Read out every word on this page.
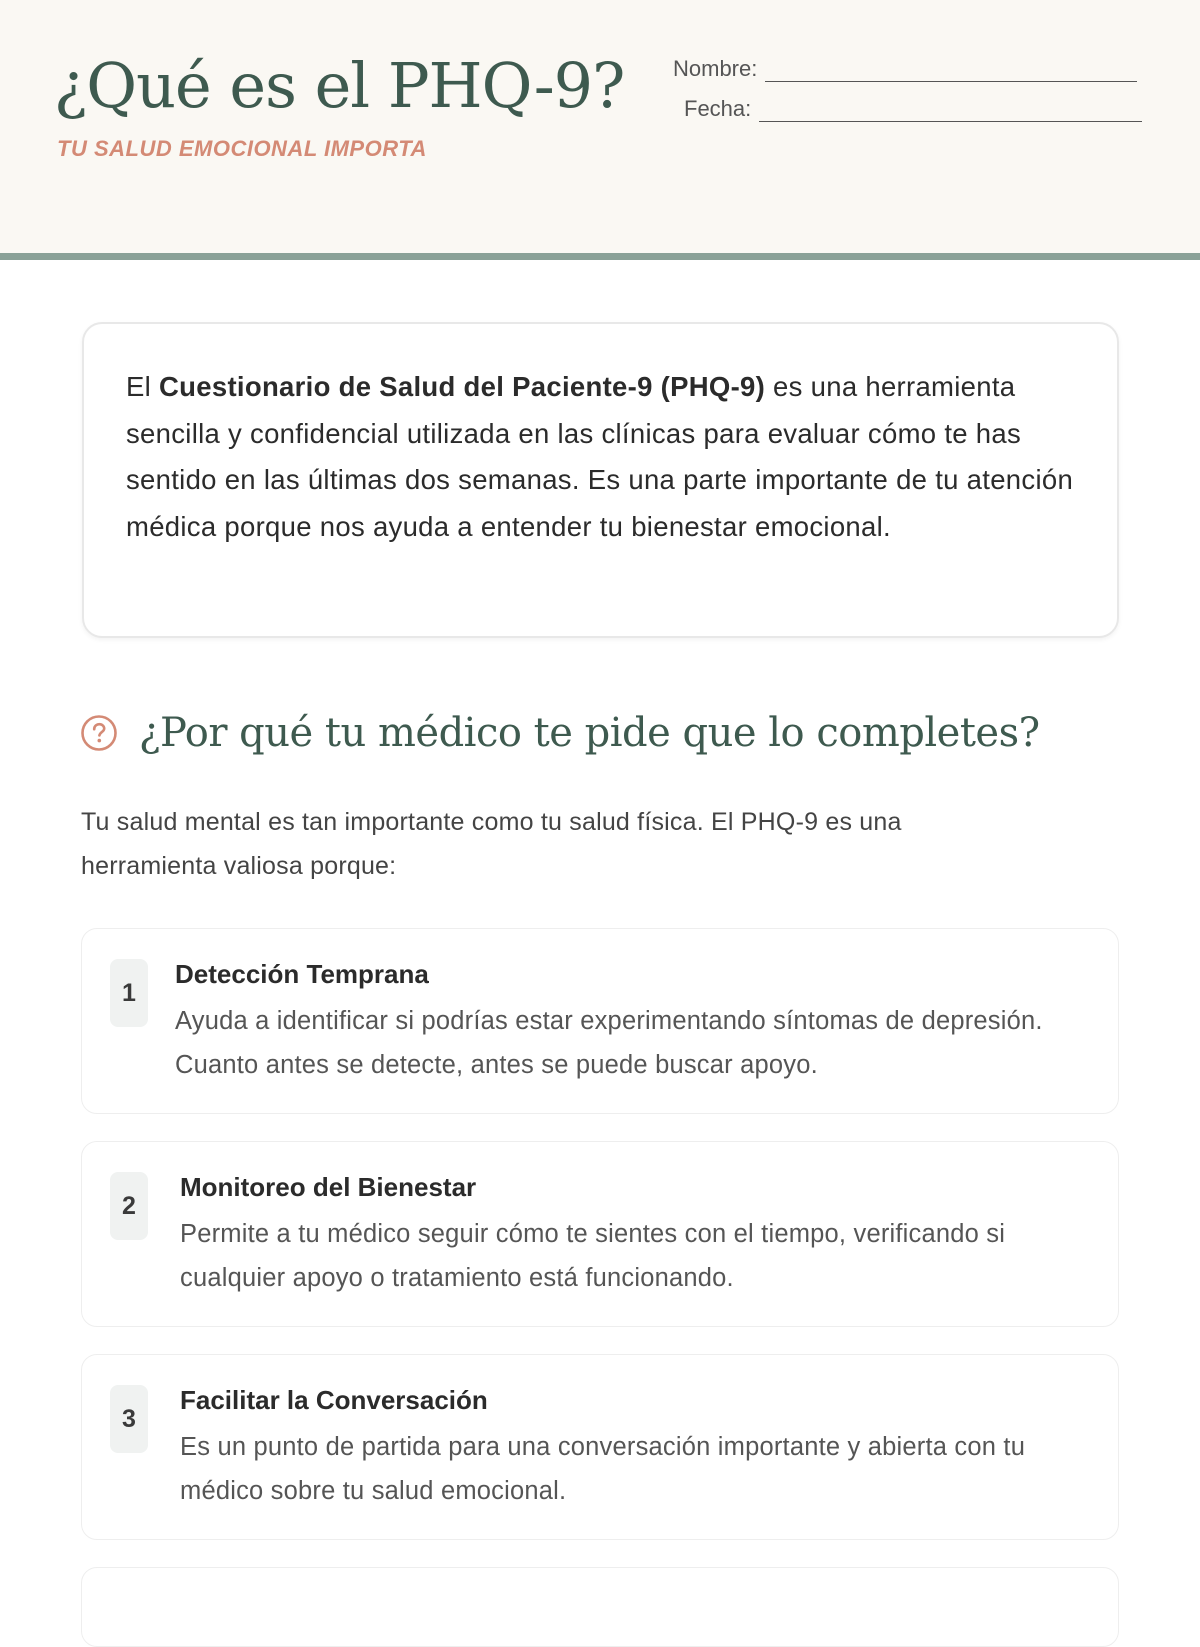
¿Qué es el PHQ-9?
TU SALUD EMOCIONAL IMPORTA
Nombre:
Fecha:
El Cuestionario de Salud del Paciente-9 (PHQ-9) es una herramienta sencilla y confidencial utilizada en las clínicas para evaluar cómo te has sentido en las últimas dos semanas. Es una parte importante de tu atención médica porque nos ayuda a entender tu bienestar emocional.
¿Por qué tu médico te pide que lo completes?

Tu salud mental es tan importante como tu salud física. El PHQ-9 es una herramienta valiosa porque:

1
Detección Temprana
Ayuda a identificar si podrías estar experimentando síntomas de depresión. Cuanto antes se detecte, antes se puede buscar apoyo.
2
Monitoreo del Bienestar
Permite a tu médico seguir cómo te sientes con el tiempo, verificando si cualquier apoyo o tratamiento está funcionando.
3
Facilitar la Conversación
Es un punto de partida para una conversación importante y abierta con tu médico sobre tu salud emocional.
